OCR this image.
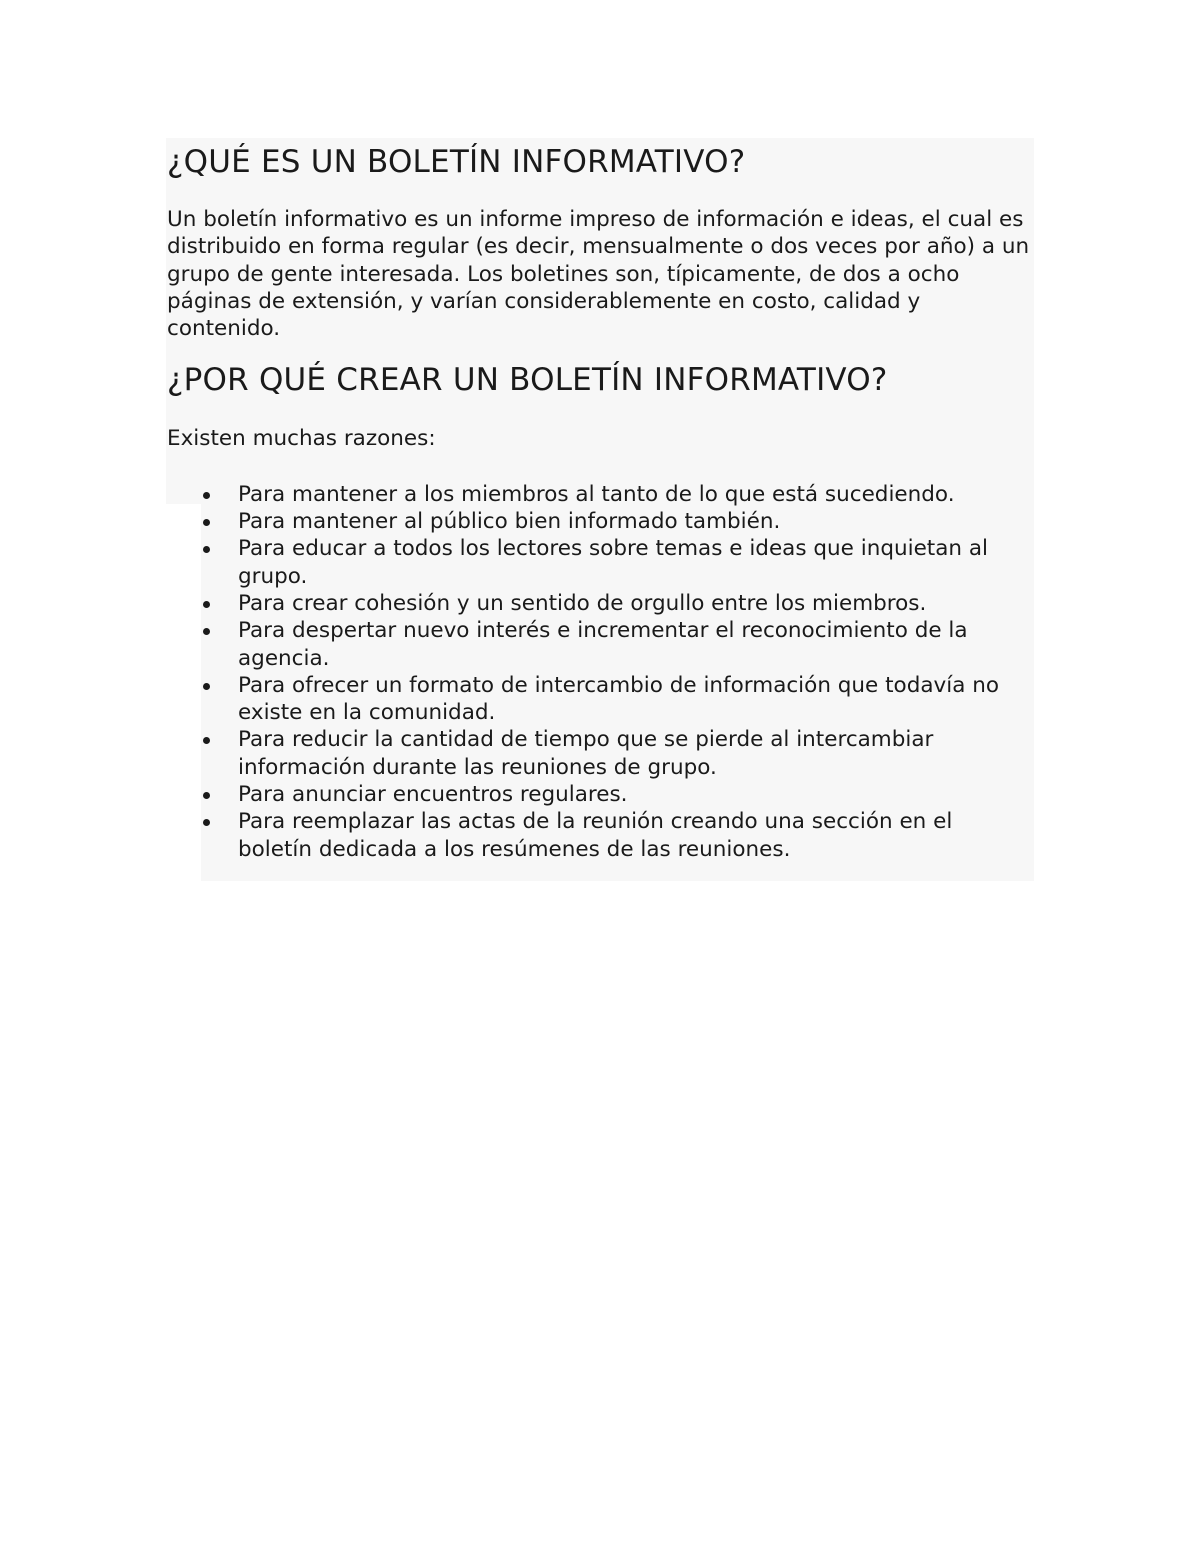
¿QUÉ ES UN BOLETÍN INFORMATIVO?

Un boletín informativo es un informe impreso de información e ideas, el cual es distribuido en forma regular (es decir, mensualmente o dos veces por año) a un grupo de gente interesada. Los boletines son, típicamente, de dos a ocho páginas de extensión, y varían considerablemente en costo, calidad y contenido.

¿POR QUÉ CREAR UN BOLETÍN INFORMATIVO?

Existen muchas razones:

Para mantener a los miembros al tanto de lo que está sucediendo.
Para mantener al público bien informado también.
Para educar a todos los lectores sobre temas e ideas que inquietan al grupo.
Para crear cohesión y un sentido de orgullo entre los miembros.
Para despertar nuevo interés e incrementar el reconocimiento de la agencia.
Para ofrecer un formato de intercambio de información que todavía no existe en la comunidad.
Para reducir la cantidad de tiempo que se pierde al intercambiar información durante las reuniones de grupo.
Para anunciar encuentros regulares.
Para reemplazar las actas de la reunión creando una sección en el boletín dedicada a los resúmenes de las reuniones.
